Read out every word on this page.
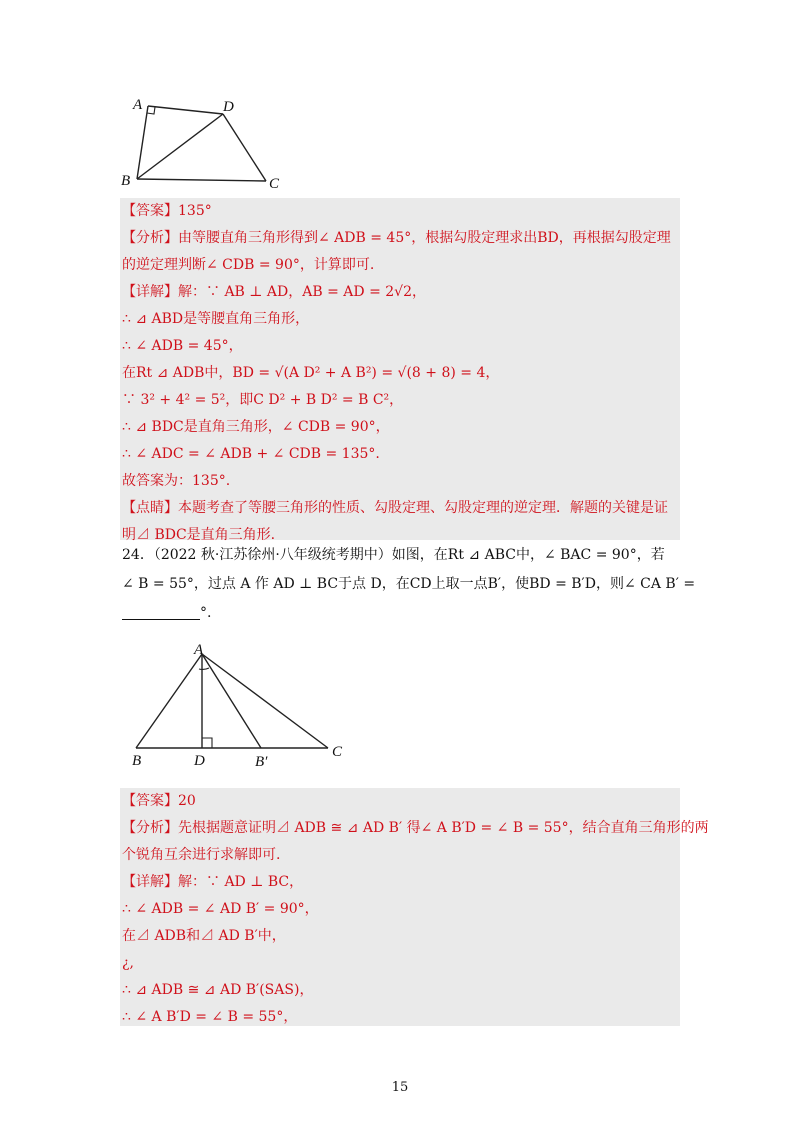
A	D
B	C
【答案】135°
【分析】由等腰直角三角形得到∠ ADB = 45°，根据勾股定理求出BD，再根据勾股定理
的逆定理判断∠ CDB = 90°，计算即可.
【详解】解：∵ AB ⊥ AD，AB = AD = 2√2，
∴ ⊿ ABD是等腰直角三角形，
∴ ∠ ADB = 45°，
在Rt ⊿ ADB中，BD = √(A D² + A B²) = √(8 + 8) = 4，
∵ 3² + 4² = 5²，即C D² + B D² = B C²，
∴ ⊿ BDC是直角三角形，∠ CDB = 90°，
∴ ∠ ADC = ∠ ADB + ∠ CDB = 135°.
故答案为：135°.
【点睛】本题考查了等腰三角形的性质、勾股定理、勾股定理的逆定理．解题的关键是证
明⊿ BDC是直角三角形.
24．（2022 秋·江苏徐州·八年级统考期中）如图，在Rt ⊿ ABC中，∠ BAC = 90°，若
∠ B = 55°，过点 A 作 AD ⊥ BC于点 D，在CD上取一点B′，使BD = B′D，则∠ CA B′ =
°.
A
B	D	B′
C
【答案】20
【分析】先根据题意证明⊿ ADB ≅ ⊿ AD B′ 得∠ A B′D = ∠ B = 55°，结合直角三角形的两
个锐角互余进行求解即可.
【详解】解：∵ AD ⊥ BC，
∴ ∠ ADB = ∠ AD B′ = 90°，
在⊿ ADB和⊿ AD B′中，
¿,
∴ ⊿ ADB ≅ ⊿ AD B′(SAS)，
∴ ∠ A B′D = ∠ B = 55°，
15
